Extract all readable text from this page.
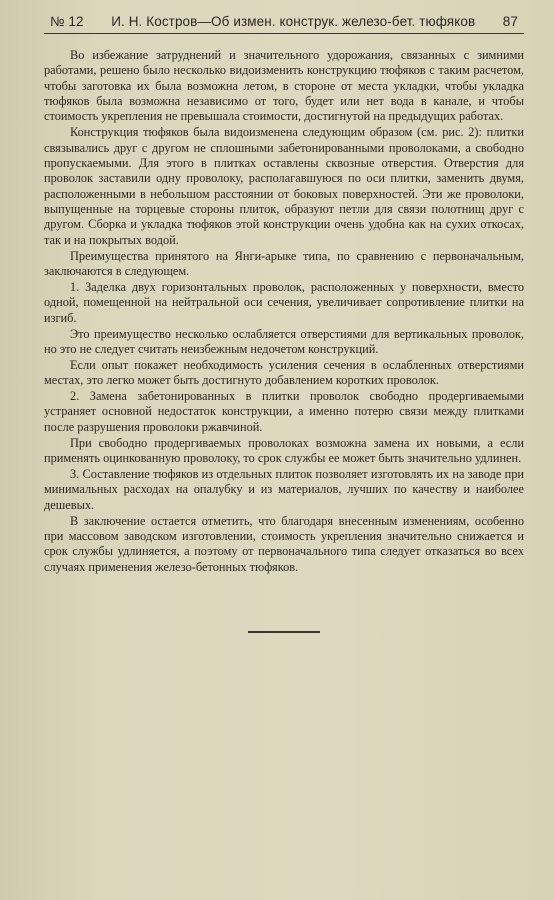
№ 12	И. Н. Костров—Об измен. конструк. железо-бет. тюфяков	87

Во избежание затруднений и значительного удорожания, связанных с зимними работами, решено было несколько видоизменить конструкцию тюфяков с таким расчетом, чтобы заготовка их была возможна летом, в стороне от места укладки, чтобы укладка тюфяков была возможна независимо от того, будет или нет вода в канале, и чтобы стоимость укрепления не превышала стоимости, достигнутой на предыдущих работах.

Конструкция тюфяков была видоизменена следующим образом (см. рис. 2): плитки связывались друг с другом не сплошными забетонированными проволоками, а свободно пропускаемыми. Для этого в плитках оставлены сквозные отверстия. Отверстия для проволок заставили одну проволоку, располагавшуюся по оси плитки, заменить двумя, расположенными в небольшом расстоянии от боковых поверхностей. Эти же проволоки, выпущенные на торцевые стороны плиток, образуют петли для связи полотнищ друг с другом. Сборка и укладка тюфяков этой конструкции очень удобна как на сухих откосах, так и на покрытых водой.

Преимущества принятого на Янги-арыке типа, по сравнению с первоначальным, заключаются в следующем.

1. Заделка двух горизонтальных проволок, расположенных у поверхности, вместо одной, помещенной на нейтральной оси сечения, увеличивает сопротивление плитки на изгиб.

Это преимущество несколько ослабляется отверстиями для вертикальных проволок, но это не следует считать неизбежным недочетом конструкций.

Если опыт покажет необходимость усиления сечения в ослабленных отверстиями местах, это легко может быть достигнуто добавлением коротких проволок.

2. Замена забетонированных в плитки проволок свободно продергиваемыми устраняет основной недостаток конструкции, а именно потерю связи между плитками после разрушения проволоки ржавчиной.

При свободно продергиваемых проволоках возможна замена их новыми, а если применять оцинкованную проволоку, то срок службы ее может быть значительно удлинен.

3. Составление тюфяков из отдельных плиток позволяет изготовлять их на заводе при минимальных расходах на опалубку и из материалов, лучших по качеству и наиболее дешевых.

В заключение остается отметить, что благодаря внесенным изменениям, особенно при массовом заводском изготовлении, стоимость укрепления значительно снижается и срок службы удлиняется, а поэтому от первоначального типа следует отказаться во всех случаях применения железо-бетонных тюфяков.
